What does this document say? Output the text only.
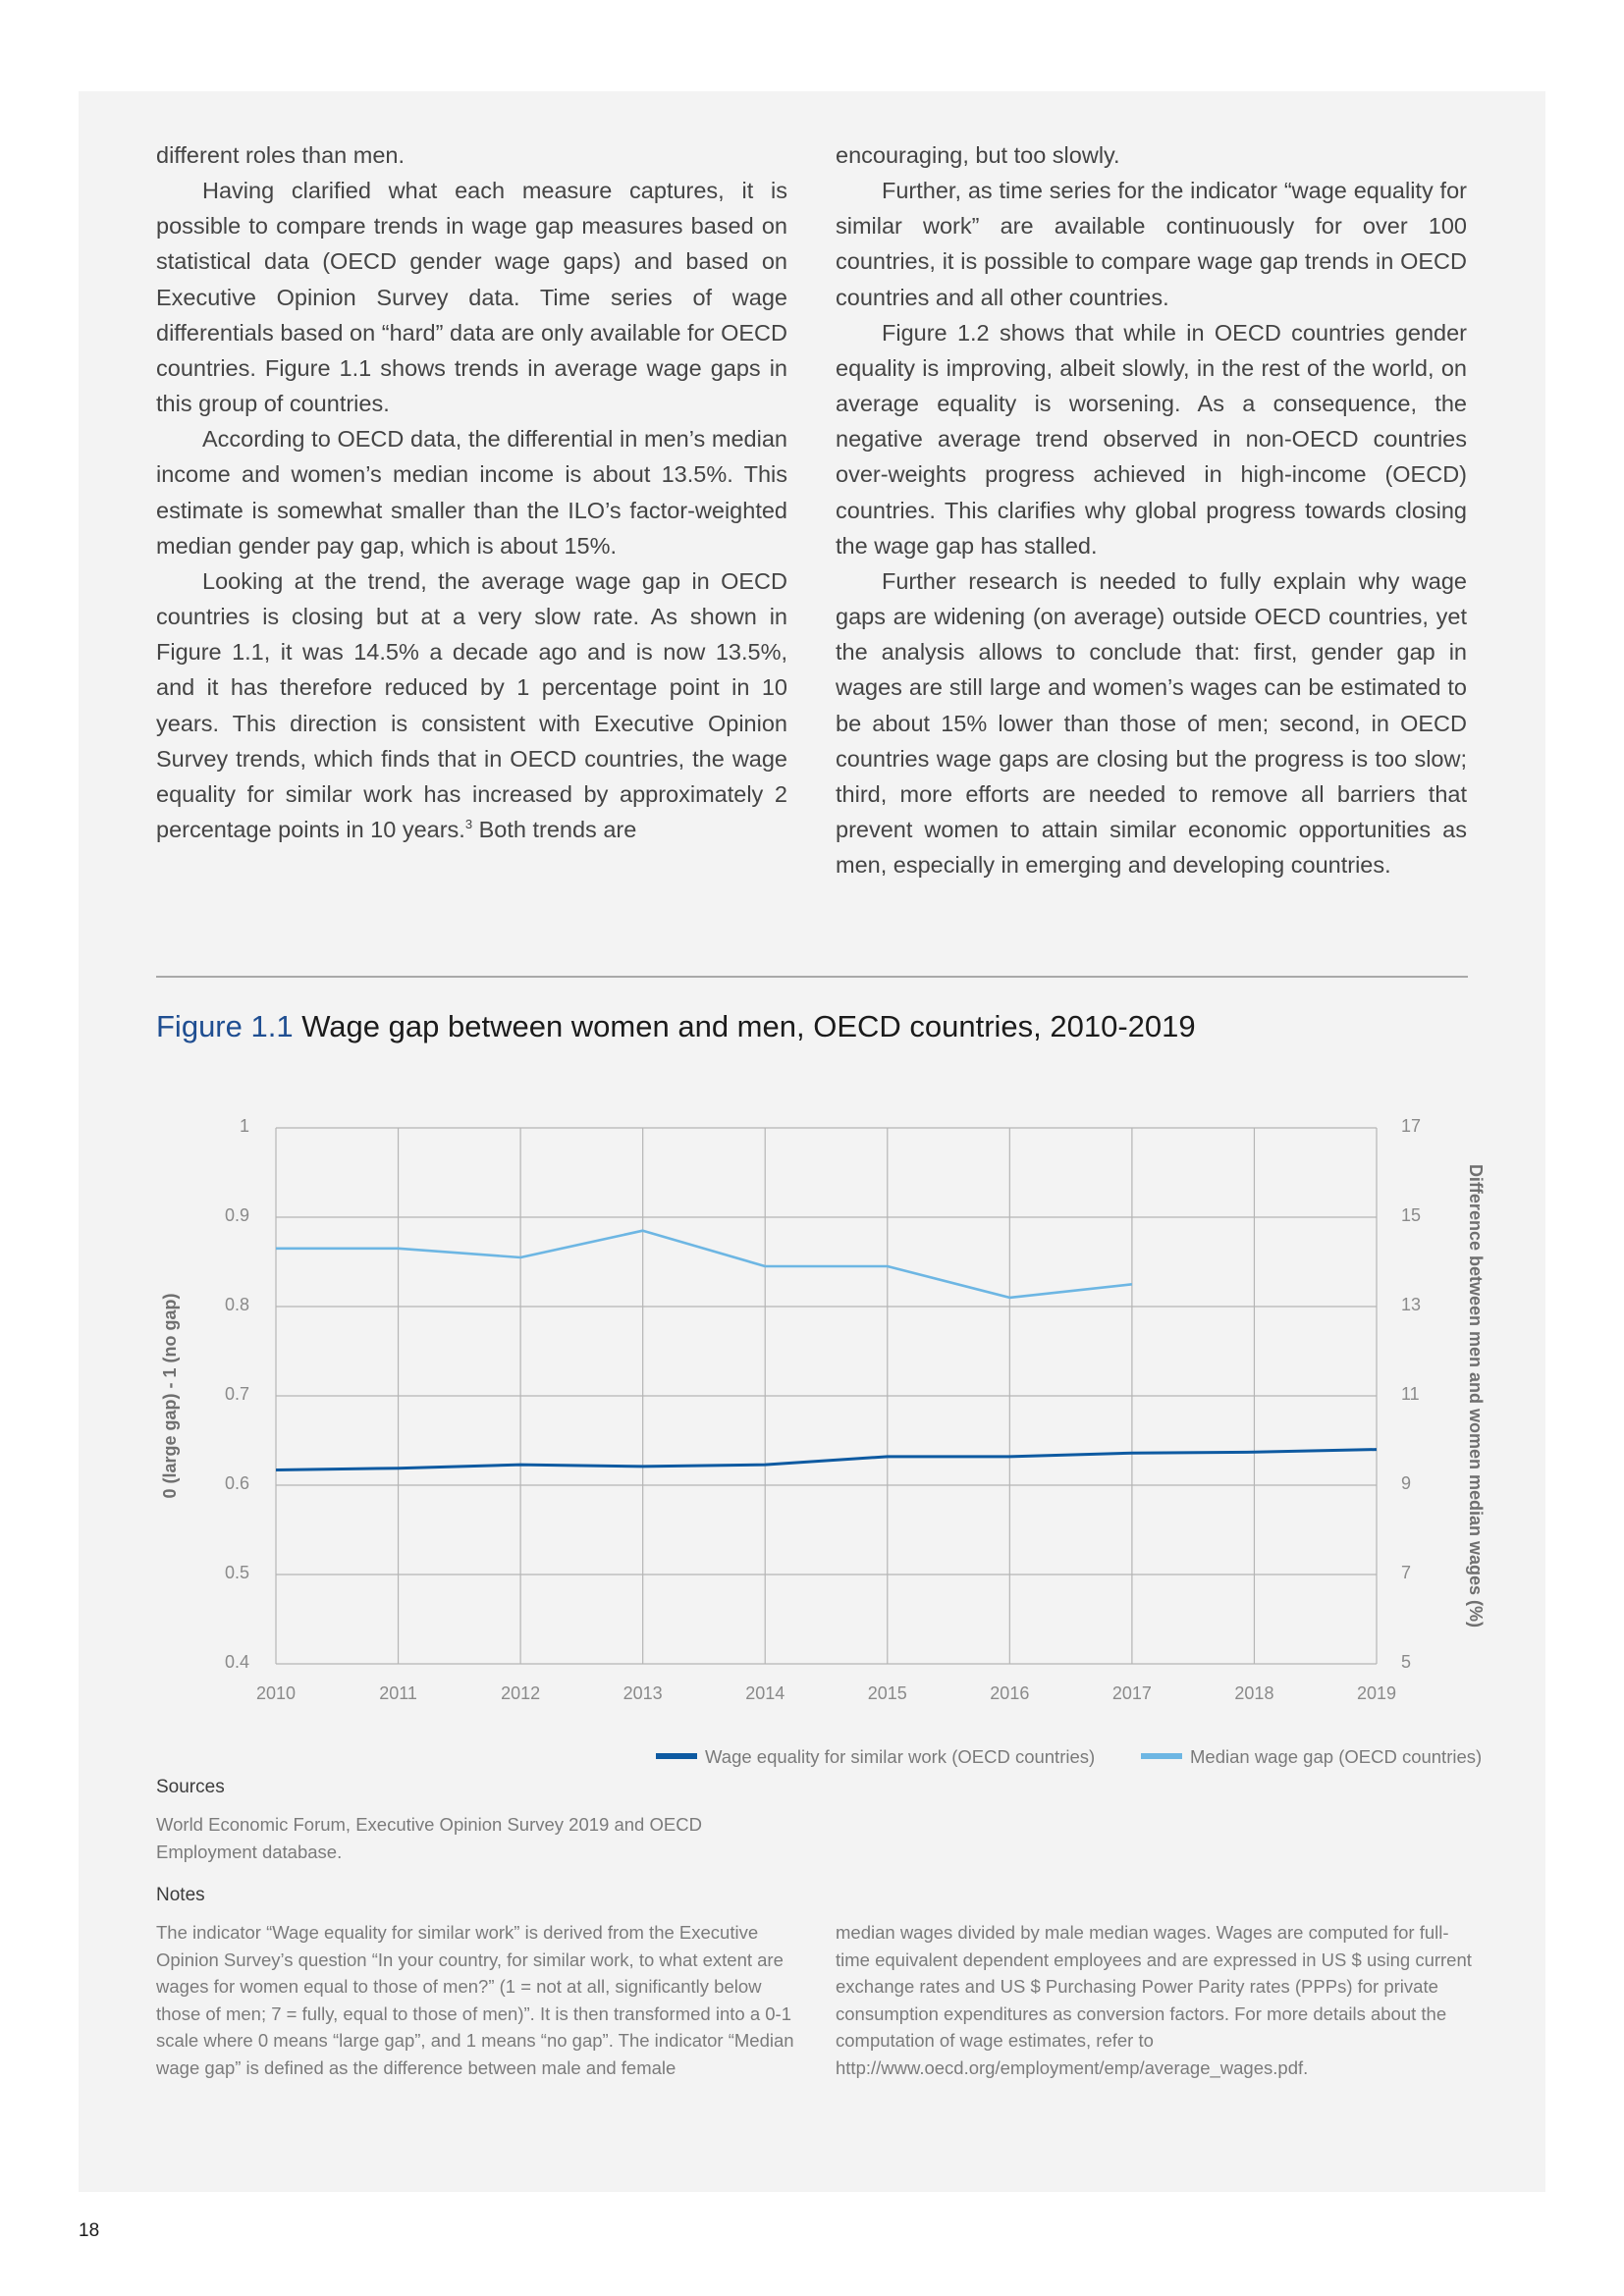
different roles than men.

Having clarified what each measure captures, it is possible to compare trends in wage gap measures based on statistical data (OECD gender wage gaps) and based on Executive Opinion Survey data. Time series of wage differentials based on “hard” data are only available for OECD countries. Figure 1.1 shows trends in average wage gaps in this group of countries.

According to OECD data, the differential in men’s median income and women’s median income is about 13.5%. This estimate is somewhat smaller than the ILO’s factor-weighted median gender pay gap, which is about 15%.

Looking at the trend, the average wage gap in OECD countries is closing but at a very slow rate. As shown in Figure 1.1, it was 14.5% a decade ago and is now 13.5%, and it has therefore reduced by 1 percentage point in 10 years. This direction is consistent with Executive Opinion Survey trends, which finds that in OECD countries, the wage equality for similar work has increased by approximately 2 percentage points in 10 years.$^3$ Both trends are

encouraging, but too slowly.

Further, as time series for the indicator “wage equality for similar work” are available continuously for over 100 countries, it is possible to compare wage gap trends in OECD countries and all other countries.

Figure 1.2 shows that while in OECD countries gender equality is improving, albeit slowly, in the rest of the world, on average equality is worsening. As a consequence, the negative average trend observed in non-OECD countries over-weights progress achieved in high-income (OECD) countries. This clarifies why global progress towards closing the wage gap has stalled.

Further research is needed to fully explain why wage gaps are widening (on average) outside OECD countries, yet the analysis allows to conclude that: first, gender gap in wages are still large and women’s wages can be estimated to be about 15% lower than those of men; second, in OECD countries wage gaps are closing but the progress is too slow; third, more efforts are needed to remove all barriers that prevent women to attain similar economic opportunities as men, especially in emerging and developing countries.

Figure 1.1 Wage gap between women and men, OECD countries, 2010-2019
1
0.9
0.8
0.7
0.6
0.5
0.4
17
15
13
11
9
7
5
2010	2011	2012	2013	2014	2015	2016	2017	2018	2019
0 (large gap) - 1 (no gap)	Difference between men and women median wages (%)
Wage equality for similar work (OECD countries)	Median wage gap (OECD countries)
Sources
World Economic Forum, Executive Opinion Survey 2019 and OECD Employment database.
Notes

The indicator “Wage equality for similar work” is derived from the Executive Opinion Survey’s question “In your country, for similar work, to what extent are wages for women equal to those of men?” (1 = not at all, significantly below those of men; 7 = fully, equal to those of men)”. It is then transformed into a 0-1 scale where 0 means “large gap”, and 1 means “no gap”. The indicator “Median wage gap” is defined as the difference between male and female

median wages divided by male median wages. Wages are computed for full-time equivalent dependent employees and are expressed in US $ using current exchange rates and US $ Purchasing Power Parity rates (PPPs) for private consumption expenditures as conversion factors. For more details about the computation of wage estimates, refer to http://www.oecd.org/employment/emp/average_wages.pdf.

18
